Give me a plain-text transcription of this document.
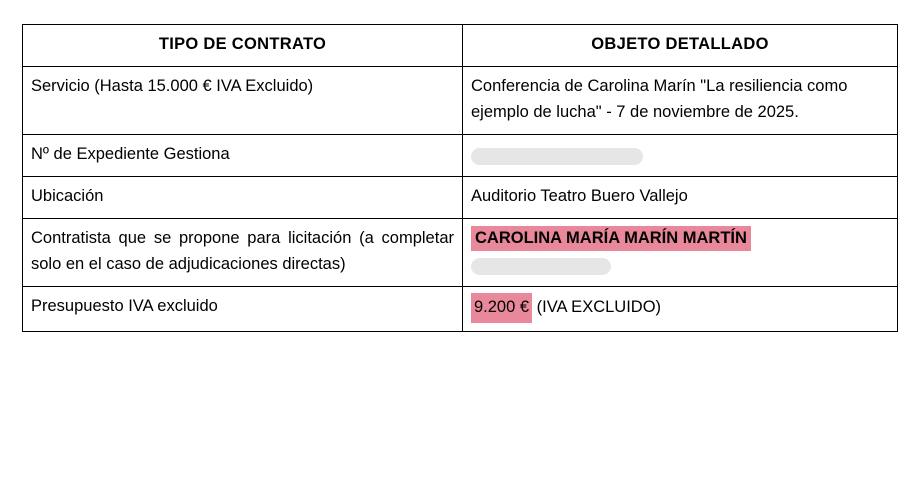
TIPO DE CONTRATO	OBJETO DETALLADO
Servicio (Hasta 15.000 € IVA Excluido)	Conferencia de Carolina Marín "La resiliencia como ejemplo de lucha" - 7 de noviembre de 2025.
Nº de Expediente Gestiona	
Ubicación	Auditorio Teatro Buero Vallejo
Contratista que se propone para licitación (a completar solo en el caso de adjudicaciones directas)	CAROLINA MARÍA MARÍN MARTÍN

Presupuesto IVA excluido	9.200 € (IVA EXCLUIDO)
